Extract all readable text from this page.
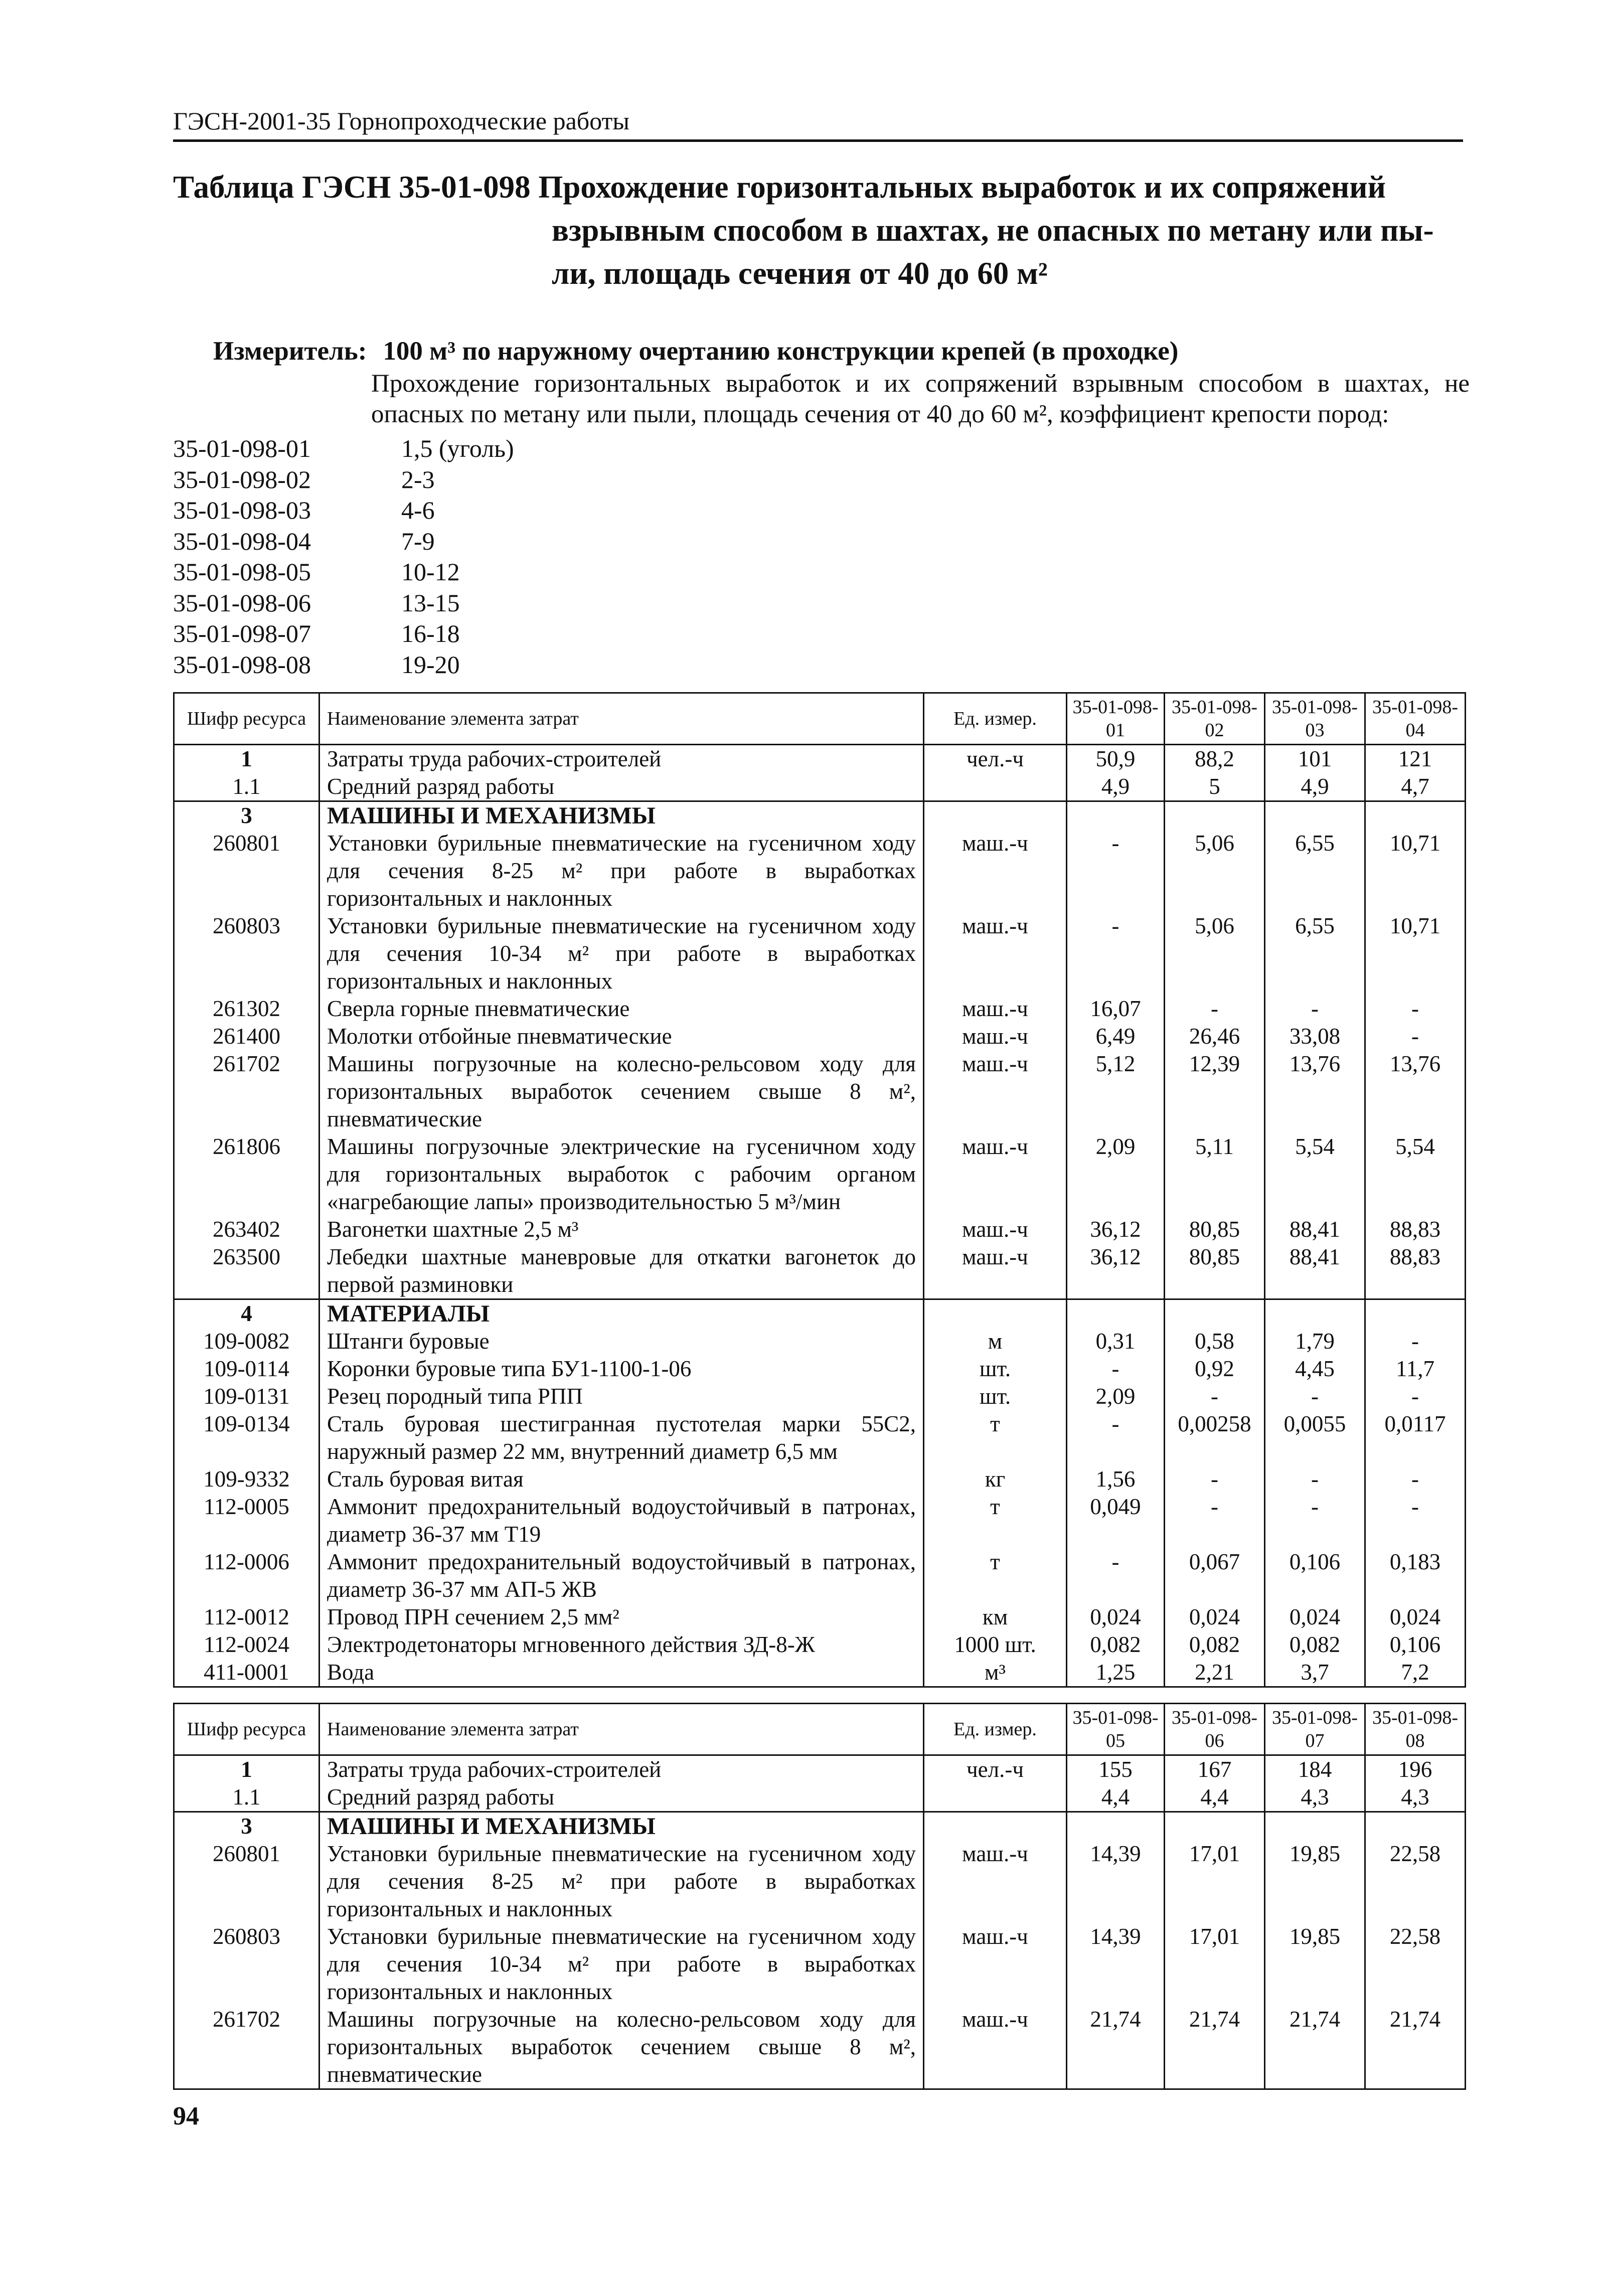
ГЭСН-2001-35 Горнопроходческие работы
Таблица ГЭСН 35-01-098 Прохождение горизонтальных выработок и их сопряжений
взрывным способом в шахтах, не опасных по метану или пы-
ли, площадь сечения от 40 до 60 м²
Измеритель: 100 м³ по наружному очертанию конструкции крепей (в проходке)
Прохождение горизонтальных выработок и их сопряжений взрывным способом в шахтах, не опасных по метану или пыли, площадь сечения от 40 до 60 м², коэффициент крепости пород:
35-01-098-01	1,5 (уголь)
35-01-098-02	2-3
35-01-098-03	4-6
35-01-098-04	7-9
35-01-098-05	10-12
35-01-098-06	13-15
35-01-098-07	16-18
35-01-098-08	19-20
Шифр ресурса	Наименование элемента затрат	Ед. измер.	35-01-098-01	35-01-098-02	35-01-098-03	35-01-098-04
1	Затраты труда рабочих-строителей	чел.-ч	50,9	88,2	101	121
1.1	Средний разряд работы		4,9	5	4,9	4,7
3	МАШИНЫ И МЕХАНИЗМЫ					
260801	Установки бурильные пневматические на гусеничном ходу для сечения 8-25 м² при работе в выработках горизонтальных и наклонных	маш.-ч	-	5,06	6,55	10,71
260803	Установки бурильные пневматические на гусеничном ходу для сечения 10-34 м² при работе в выработках горизонтальных и наклонных	маш.-ч	-	5,06	6,55	10,71
261302	Сверла горные пневматические	маш.-ч	16,07	-	-	-
261400	Молотки отбойные пневматические	маш.-ч	6,49	26,46	33,08	-
261702	Машины погрузочные на колесно-рельсовом ходу для горизонтальных выработок сечением свыше 8 м², пневматические	маш.-ч	5,12	12,39	13,76	13,76
261806	Машины погрузочные электрические на гусеничном ходу для горизонтальных выработок с рабочим органом «нагребающие лапы» производительностью 5 м³/мин	маш.-ч	2,09	5,11	5,54	5,54
263402	Вагонетки шахтные 2,5 м³	маш.-ч	36,12	80,85	88,41	88,83
263500	Лебедки шахтные маневровые для откатки вагонеток до первой разминовки	маш.-ч	36,12	80,85	88,41	88,83
4	МАТЕРИАЛЫ					
109-0082	Штанги буровые	м	0,31	0,58	1,79	-
109-0114	Коронки буровые типа БУ1-1100-1-06	шт.	-	0,92	4,45	11,7
109-0131	Резец породный типа РПП	шт.	2,09	-	-	-
109-0134	Сталь буровая шестигранная пустотелая марки 55С2, наружный размер 22 мм, внутренний диаметр 6,5 мм	т	-	0,00258	0,0055	0,0117
109-9332	Сталь буровая витая	кг	1,56	-	-	-
112-0005	Аммонит предохранительный водоустойчивый в патронах, диаметр 36-37 мм Т19	т	0,049	-	-	-
112-0006	Аммонит предохранительный водоустойчивый в патронах, диаметр 36-37 мм АП-5 ЖВ	т	-	0,067	0,106	0,183
112-0012	Провод ПРН сечением 2,5 мм²	км	0,024	0,024	0,024	0,024
112-0024	Электродетонаторы мгновенного действия ЗД-8-Ж	1000 шт.	0,082	0,082	0,082	0,106
411-0001	Вода	м³	1,25	2,21	3,7	7,2
Шифр ресурса	Наименование элемента затрат	Ед. измер.	35-01-098-05	35-01-098-06	35-01-098-07	35-01-098-08
1	Затраты труда рабочих-строителей	чел.-ч	155	167	184	196
1.1	Средний разряд работы		4,4	4,4	4,3	4,3
3	МАШИНЫ И МЕХАНИЗМЫ					
260801	Установки бурильные пневматические на гусеничном ходу для сечения 8-25 м² при работе в выработках горизонтальных и наклонных	маш.-ч	14,39	17,01	19,85	22,58
260803	Установки бурильные пневматические на гусеничном ходу для сечения 10-34 м² при работе в выработках горизонтальных и наклонных	маш.-ч	14,39	17,01	19,85	22,58
261702	Машины погрузочные на колесно-рельсовом ходу для горизонтальных выработок сечением свыше 8 м², пневматические	маш.-ч	21,74	21,74	21,74	21,74
94
